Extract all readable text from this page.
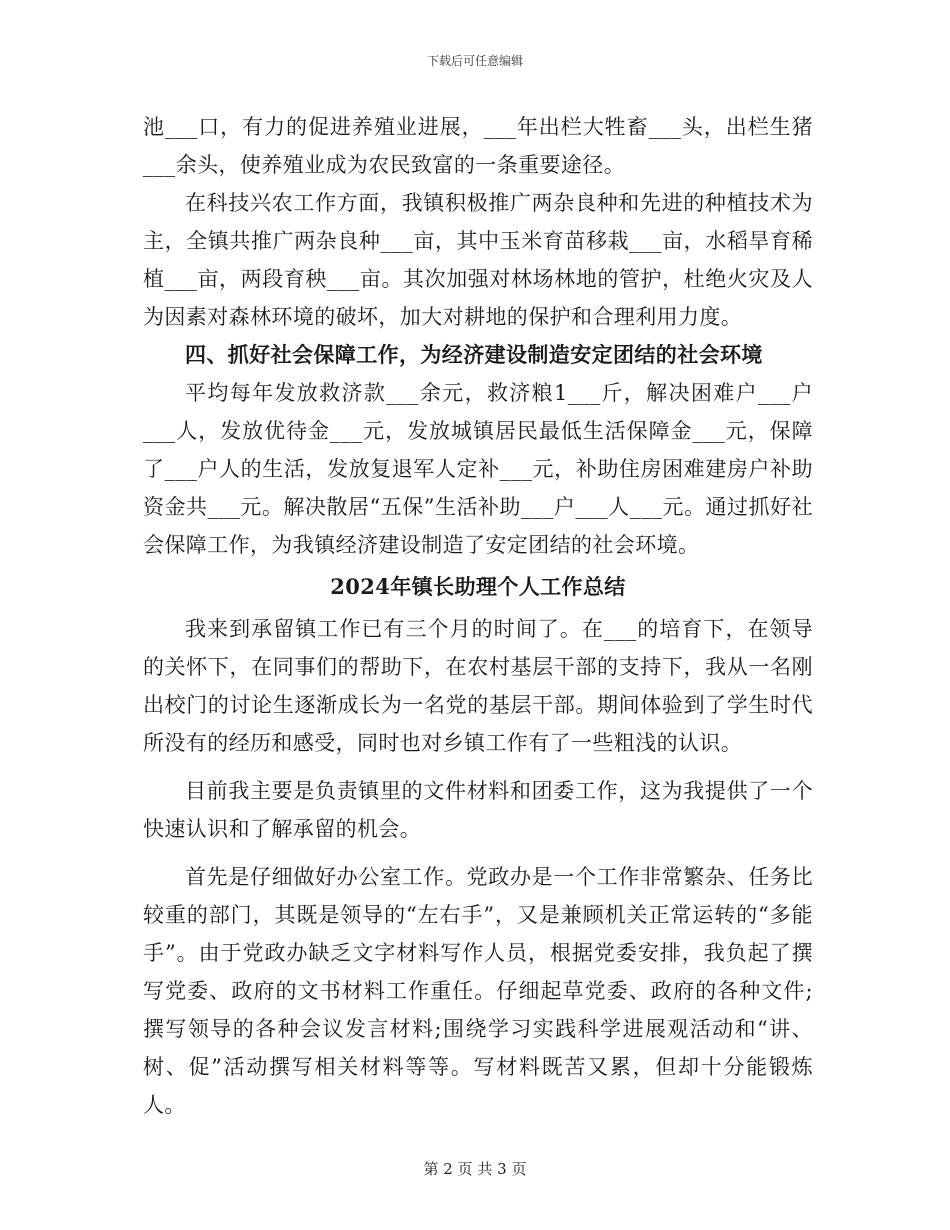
下载后可任意编辑

池___口，有力的促进养殖业进展，___年出栏大牲畜___头，出栏生猪___余头，使养殖业成为农民致富的一条重要途径。

在科技兴农工作方面，我镇积极推广两杂良种和先进的种植技术为主，全镇共推广两杂良种___亩，其中玉米育苗移栽___亩，水稻旱育稀植___亩，两段育秧___亩。其次加强对林场林地的管护，杜绝火灾及人为因素对森林环境的破坏，加大对耕地的保护和合理利用力度。

四、抓好社会保障工作，为经济建设制造安定团结的社会环境

平均每年发放救济款___余元，救济粮1___斤，解决困难户___户___人，发放优待金___元，发放城镇居民最低生活保障金___元，保障了___户人的生活，发放复退军人定补___元，补助住房困难建房户补助资金共___元。解决散居“五保”生活补助___户___人___元。通过抓好社会保障工作，为我镇经济建设制造了安定团结的社会环境。

2024年镇长助理个人工作总结

我来到承留镇工作已有三个月的时间了。在___的培育下，在领导的关怀下，在同事们的帮助下，在农村基层干部的支持下，我从一名刚出校门的讨论生逐渐成长为一名党的基层干部。期间体验到了学生时代所没有的经历和感受，同时也对乡镇工作有了一些粗浅的认识。

目前我主要是负责镇里的文件材料和团委工作，这为我提供了一个快速认识和了解承留的机会。

首先是仔细做好办公室工作。党政办是一个工作非常繁杂、任务比较重的部门，其既是领导的“左右手”，又是兼顾机关正常运转的“多能手”。由于党政办缺乏文字材料写作人员，根据党委安排，我负起了撰写党委、政府的文书材料工作重任。仔细起草党委、政府的各种文件;撰写领导的各种会议发言材料;围绕学习实践科学进展观活动和“讲、树、促”活动撰写相关材料等等。写材料既苦又累，但却十分能锻炼人。

第 2 页 共 3 页
